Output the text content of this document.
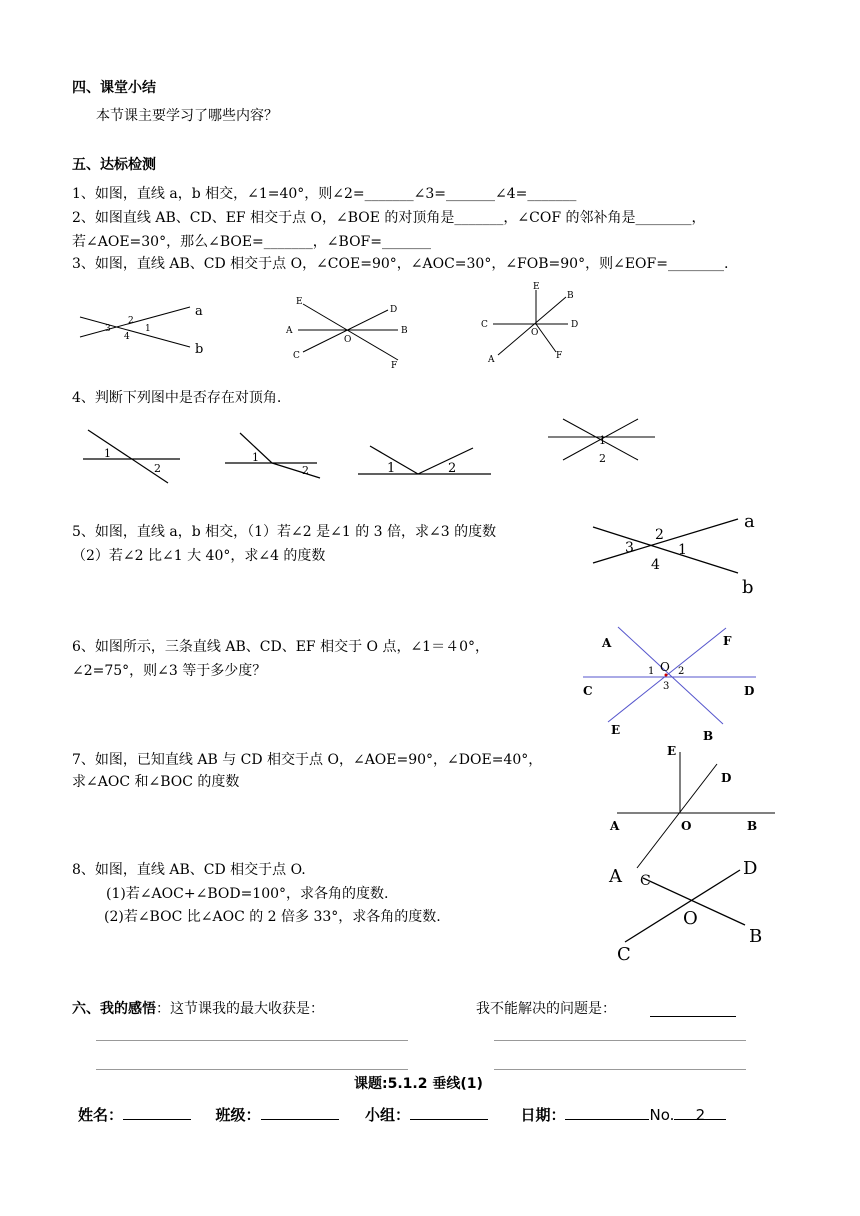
四、课堂小结
本节课主要学习了哪些内容？
五、达标检测
1、如图，直线 a，b 相交，∠1=40°，则∠2=_______∠3=_______∠4=_______
2、如图直线 AB、CD、EF 相交于点 O，∠BOE 的对顶角是_______，∠COF 的邻补角是________，
若∠AOE=30°，那么∠BOE=_______，∠BOF=_______
3、如图，直线 AB、CD 相交于点 O，∠COE=90°，∠AOC=30°，∠FOB=90°，则∠EOF=________.
a
b
2
1
3
4
E
D
A	B
C
F
O
E
B
C	D
O
A	F
4、判断下列图中是否存在对顶角.
1
2
1
2	1	2
1
2
5、如图，直线 a，b 相交，（1）若∠2 是∠1 的 3 倍，求∠3 的度数
（2）若∠2 比∠1 大 40°，求∠4 的度数
a
b
2
1
3
4
6、如图所示，三条直线 AB、CD、EF 相交于 O 点，∠1＝４0°，
∠2=75°，则∠3 等于多少度？
A	F
C	D
E	B
1 O 2
3
7、如图，已知直线 AB 与 CD 相交于点 O，∠AOE=90°，∠DOE=40°，
求∠AOC 和∠BOC 的度数
E
D
A	O	B
8、如图，直线 AB、CD 相交于点 O.
(1)若∠AOC+∠BOD=100°，求各角的度数.
(2)若∠BOC 比∠AOC 的 2 倍多 33°，求各角的度数.
A C
D
O
B
C
六、我的感悟：这节课我的最大收获是：	我不能解决的问题是：
课题:5.1.2 垂线(1)
姓名：	班级：	小组：	日期：	No. 2
